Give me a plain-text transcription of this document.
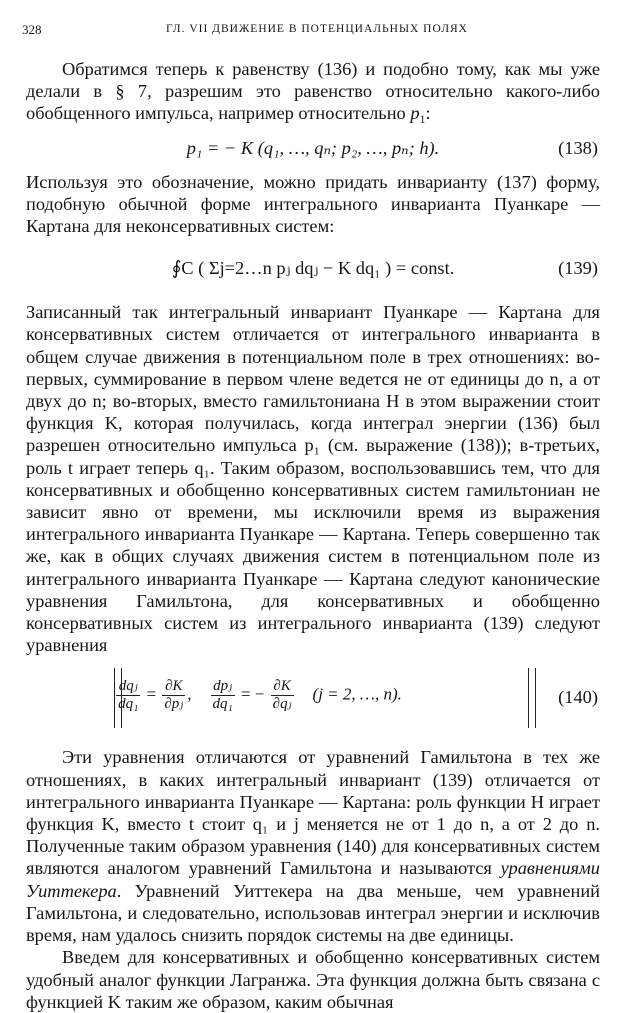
328	ГЛ. VII ДВИЖЕНИЕ В ПОТЕНЦИАЛЬНЫХ ПОЛЯХ

Обратимся теперь к равенству (136) и подобно тому, как мы уже делали в § 7, разрешим это равенство относительно какого-либо обобщенного импульса, например относительно $p_1$:

p₁ = − K (q₁, …, qₙ; p₂, …, pₙ; h).	(138)

Используя это обозначение, можно придать инварианту (137) форму, подобную обычной форме интегрального инварианта Пуанкаре — Картана для неконсервативных систем:

∮C ( Σj=2…n pⱼ dqⱼ − K dq₁ ) = const.	(139)

Записанный так интегральный инвариант Пуанкаре — Картана для консервативных систем отличается от интегрального инварианта в общем случае движения в потенциальном поле в трех отношениях: во-первых, суммирование в первом члене ведется не от единицы до n, а от двух до n; во-вторых, вместо гамильтониана H в этом выражении стоит функция K, которая получилась, когда интеграл энергии (136) был разрешен относительно импульса p₁ (см. выражение (138)); в-третьих, роль t играет теперь q₁. Таким образом, воспользовавшись тем, что для консервативных и обобщенно консервативных систем гамильтониан не зависит явно от времени, мы исключили время из выражения интегрального инварианта Пуанкаре — Картана. Теперь совершенно так же, как в общих случаях движения систем в потенциальном поле из интегрального инварианта Пуанкаре — Картана следуют канонические уравнения Гамильтона, для консервативных и обобщенно консервативных систем из интегрального инварианта (139) следуют уравнения

$\frac{\text{dqⱼ}}{\text{dq₁}} = \frac{\partial K}{\text{∂pⱼ}}$ , $\frac{\text{dpⱼ}}{\text{dq₁}}$ = − $\frac{\partial K}{\text{∂qⱼ}} (j = 2$, …, n).	(140)

Эти уравнения отличаются от уравнений Гамильтона в тех же отношениях, в каких интегральный инвариант (139) отличается от интегрального инварианта Пуанкаре — Картана: роль функции H играет функция K, вместо t стоит q₁ и j меняется не от 1 до n, а от 2 до n. Полученные таким образом уравнения (140) для консервативных систем являются аналогом уравнений Гамильтона и называются уравнениями Уиттекера. Уравнений Уиттекера на два меньше, чем уравнений Гамильтона, и следовательно, использовав интеграл энергии и исключив время, нам удалось снизить порядок системы на две единицы.

Введем для консервативных и обобщенно консервативных систем удобный аналог функции Лагранжа. Эта функция должна быть связана с функцией K таким же образом, каким обычная
